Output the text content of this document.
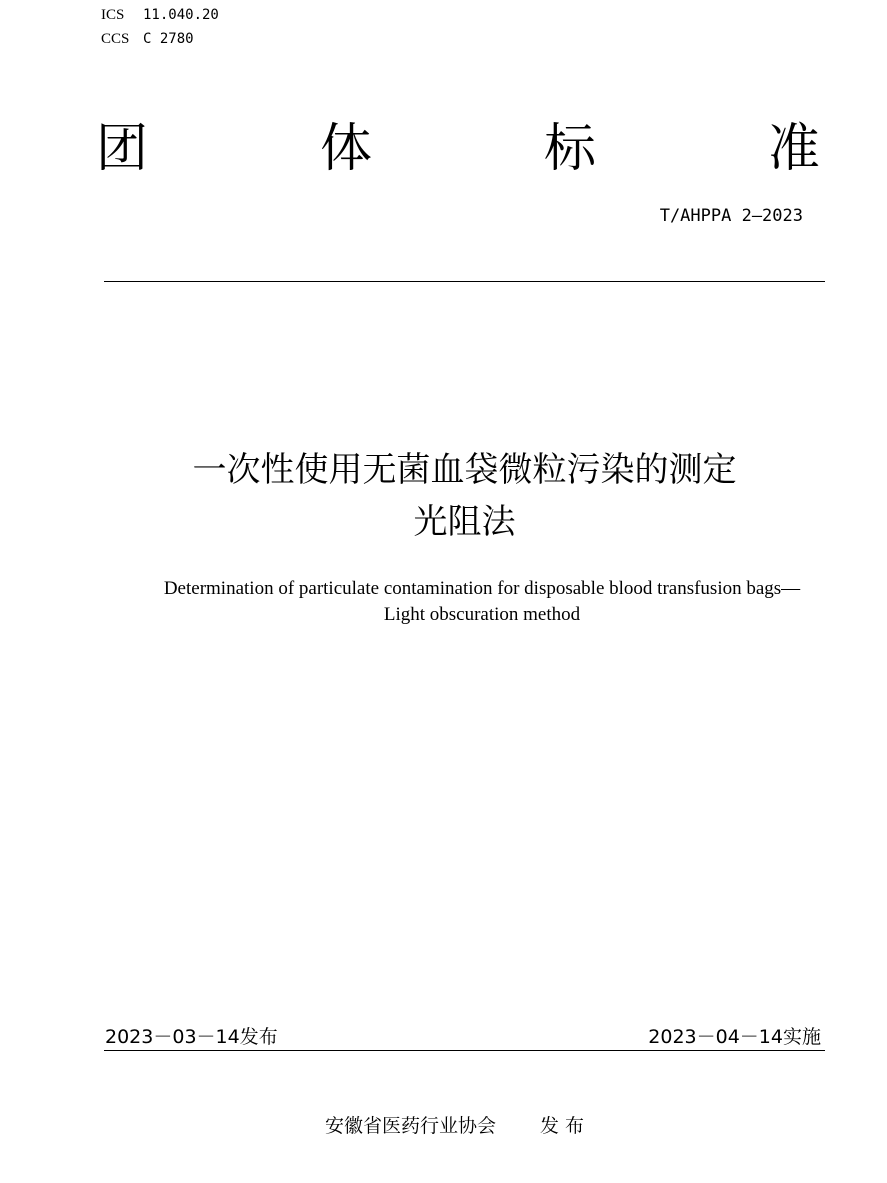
ICS	11.040.20
CCS C 2780
团	体	标	准
T/AHPPA 2—2023
一次性使用无菌血袋微粒污染的测定
光阻法
Determination of particulate contamination for disposable blood transfusion bags—
Light obscuration method
2023－03－14发布	2023－04－14实施
安徽省医药行业协会 发 布
